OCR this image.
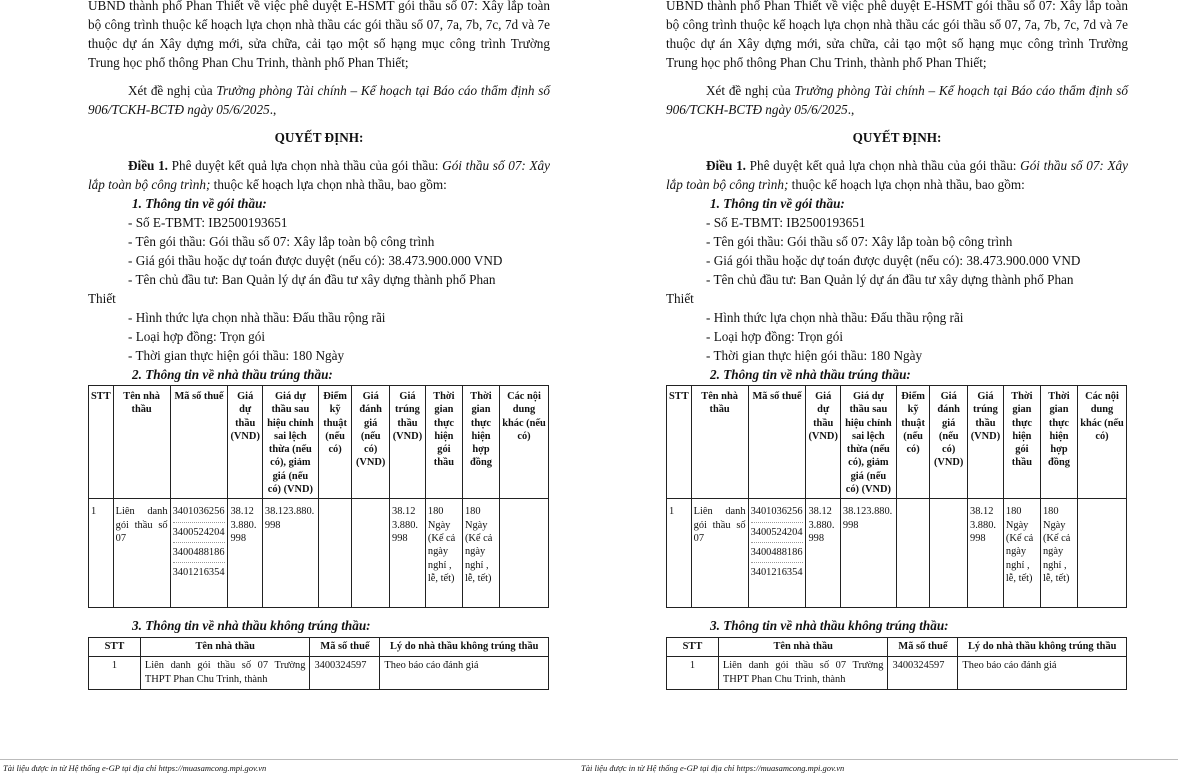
UBND thành phố Phan Thiết về việc phê duyệt E-HSMT gói thầu số 07: Xây lắp toàn bộ công trình thuộc kế hoạch lựa chọn nhà thầu các gói thầu số 07, 7a, 7b, 7c, 7d và 7e thuộc dự án Xây dựng mới, sửa chữa, cải tạo một số hạng mục công trình Trường Trung học phổ thông Phan Chu Trinh, thành phố Phan Thiết;

Xét đề nghị của Trưởng phòng Tài chính – Kế hoạch tại Báo cáo thẩm định số 906/TCKH-BCTĐ ngày 05/6/2025.,

QUYẾT ĐỊNH:

Điều 1. Phê duyệt kết quả lựa chọn nhà thầu của gói thầu: Gói thầu số 07: Xây lắp toàn bộ công trình; thuộc kế hoạch lựa chọn nhà thầu, bao gồm:

1. Thông tin về gói thầu:

- Số E-TBMT: IB2500193651

- Tên gói thầu: Gói thầu số 07: Xây lắp toàn bộ công trình

- Giá gói thầu hoặc dự toán được duyệt (nếu có): 38.473.900.000 VND

- Tên chủ đầu tư: Ban Quản lý dự án đầu tư xây dựng thành phố Phan

Thiết

- Hình thức lựa chọn nhà thầu: Đấu thầu rộng rãi

- Loại hợp đồng: Trọn gói

- Thời gian thực hiện gói thầu: 180 Ngày

2. Thông tin về nhà thầu trúng thầu:

STT	Tên nhà thầu	Mã số thuế	Giá dự thầu (VND)	Giá dự thầu sau hiệu chỉnh sai lệch thừa (nếu có), giảm giá (nếu có) (VND)	Điểm kỹ thuật (nếu có)	Giá đánh giá (nếu có) (VND)	Giá trúng thầu (VND)	Thời gian thực hiện gói thầu	Thời gian thực hiện hợp đồng	Các nội dung khác (nếu có)
1	Liên danh gói thầu số 07	3401036256
3400524204
3400488186
3401216354	38.123.880.998	38.123.880.998			38.123.880.998	180 Ngày (Kể cả ngày nghỉ , lễ, tết)	180 Ngày (Kể cả ngày nghỉ , lễ, tết)	

3. Thông tin về nhà thầu không trúng thầu:

STT	Tên nhà thầu	Mã số thuế	Lý do nhà thầu không trúng thầu
1	Liên danh gói thầu số 07 Trường THPT Phan Chu Trinh, thành	3400324597	Theo báo cáo đánh giá
Tài liệu được in từ Hệ thống e-GP tại địa chỉ https://muasamcong.mpi.gov.vn

UBND thành phố Phan Thiết về việc phê duyệt E-HSMT gói thầu số 07: Xây lắp toàn bộ công trình thuộc kế hoạch lựa chọn nhà thầu các gói thầu số 07, 7a, 7b, 7c, 7d và 7e thuộc dự án Xây dựng mới, sửa chữa, cải tạo một số hạng mục công trình Trường Trung học phổ thông Phan Chu Trinh, thành phố Phan Thiết;

Xét đề nghị của Trưởng phòng Tài chính – Kế hoạch tại Báo cáo thẩm định số 906/TCKH-BCTĐ ngày 05/6/2025.,

QUYẾT ĐỊNH:

Điều 1. Phê duyệt kết quả lựa chọn nhà thầu của gói thầu: Gói thầu số 07: Xây lắp toàn bộ công trình; thuộc kế hoạch lựa chọn nhà thầu, bao gồm:

1. Thông tin về gói thầu:

- Số E-TBMT: IB2500193651

- Tên gói thầu: Gói thầu số 07: Xây lắp toàn bộ công trình

- Giá gói thầu hoặc dự toán được duyệt (nếu có): 38.473.900.000 VND

- Tên chủ đầu tư: Ban Quản lý dự án đầu tư xây dựng thành phố Phan

Thiết

- Hình thức lựa chọn nhà thầu: Đấu thầu rộng rãi

- Loại hợp đồng: Trọn gói

- Thời gian thực hiện gói thầu: 180 Ngày

2. Thông tin về nhà thầu trúng thầu:

STT	Tên nhà thầu	Mã số thuế	Giá dự thầu (VND)	Giá dự thầu sau hiệu chỉnh sai lệch thừa (nếu có), giảm giá (nếu có) (VND)	Điểm kỹ thuật (nếu có)	Giá đánh giá (nếu có) (VND)	Giá trúng thầu (VND)	Thời gian thực hiện gói thầu	Thời gian thực hiện hợp đồng	Các nội dung khác (nếu có)
1	Liên danh gói thầu số 07	3401036256
3400524204
3400488186
3401216354	38.123.880.998	38.123.880.998			38.123.880.998	180 Ngày (Kể cả ngày nghỉ , lễ, tết)	180 Ngày (Kể cả ngày nghỉ , lễ, tết)	

3. Thông tin về nhà thầu không trúng thầu:

STT	Tên nhà thầu	Mã số thuế	Lý do nhà thầu không trúng thầu
1	Liên danh gói thầu số 07 Trường THPT Phan Chu Trinh, thành	3400324597	Theo báo cáo đánh giá
Tài liệu được in từ Hệ thống e-GP tại địa chỉ https://muasamcong.mpi.gov.vn
